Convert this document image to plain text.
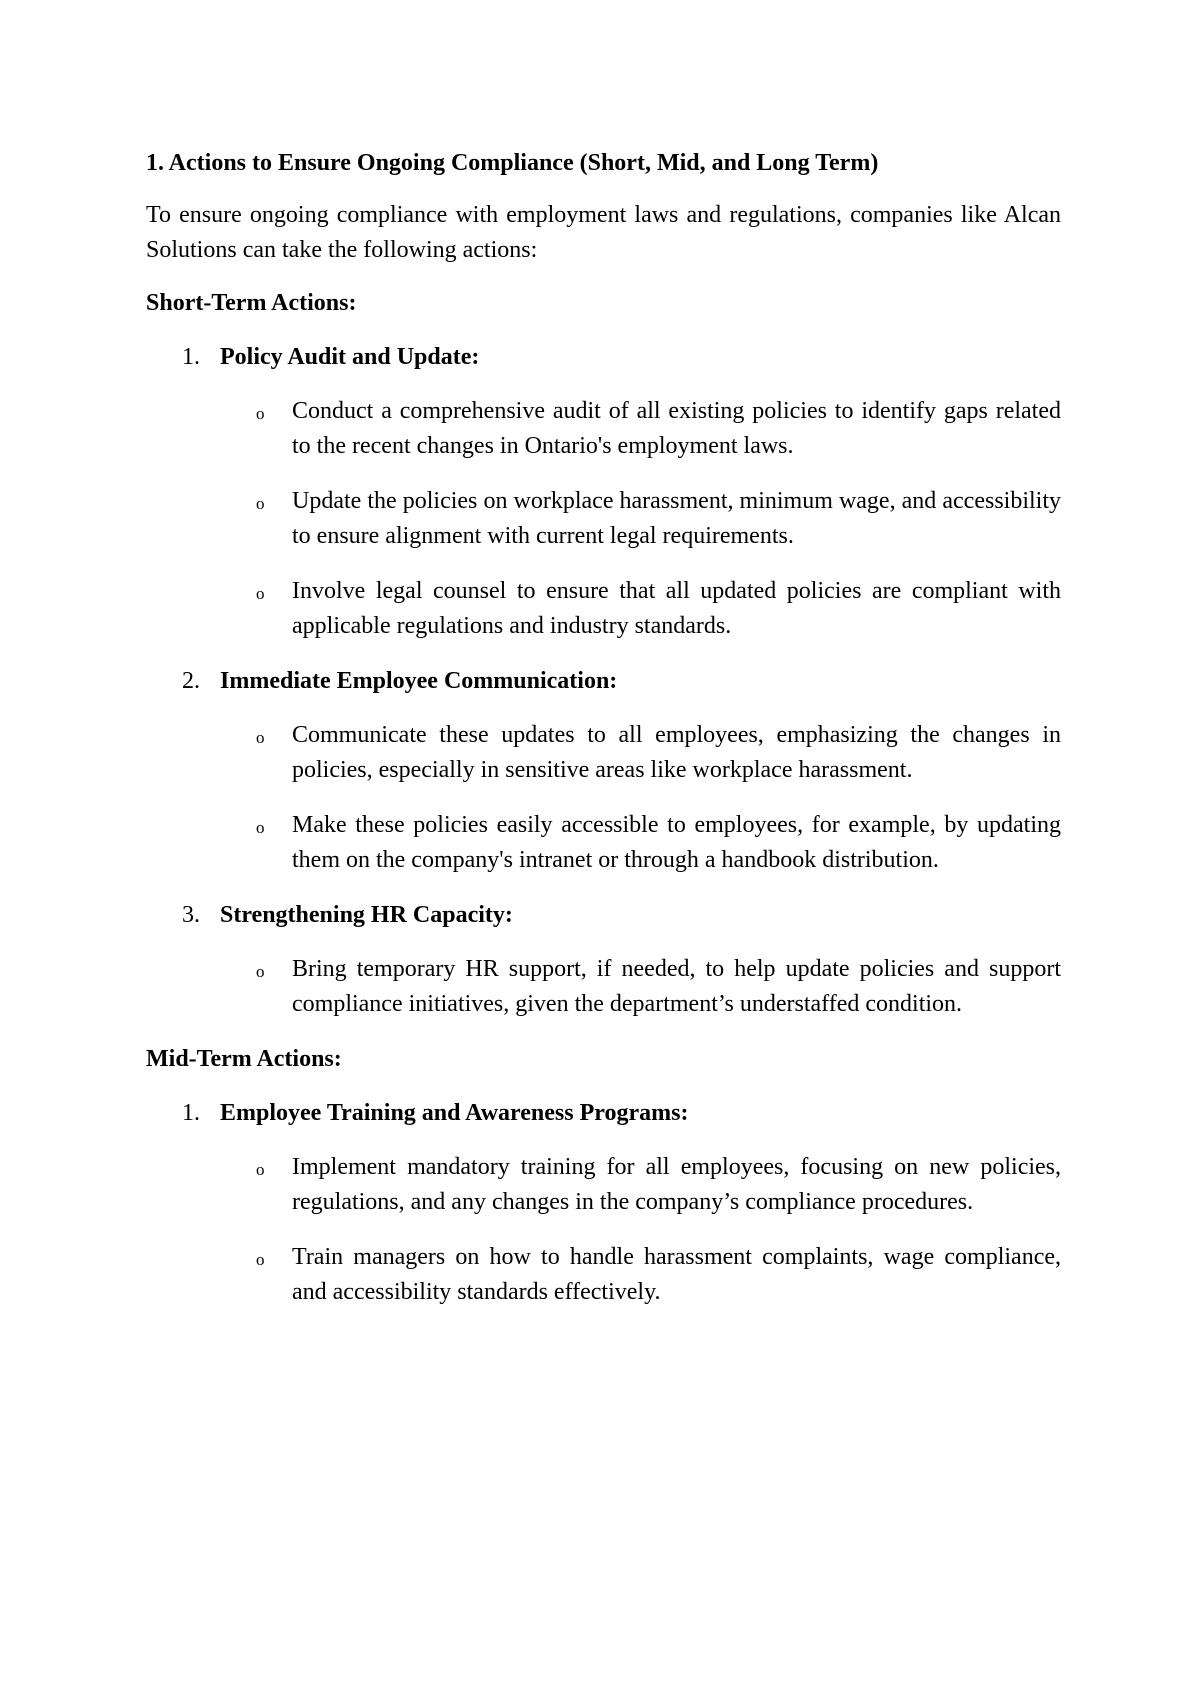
1. Actions to Ensure Ongoing Compliance (Short, Mid, and Long Term)
To ensure ongoing compliance with employment laws and regulations, companies like Alcan Solutions can take the following actions:
Short-Term Actions:
1. Policy Audit and Update:
o Conduct a comprehensive audit of all existing policies to identify gaps related to the recent changes in Ontario's employment laws.
o Update the policies on workplace harassment, minimum wage, and accessibility to ensure alignment with current legal requirements.
o Involve legal counsel to ensure that all updated policies are compliant with applicable regulations and industry standards.
2. Immediate Employee Communication:
o Communicate these updates to all employees, emphasizing the changes in policies, especially in sensitive areas like workplace harassment.
o Make these policies easily accessible to employees, for example, by updating them on the company's intranet or through a handbook distribution.
3. Strengthening HR Capacity:
o Bring temporary HR support, if needed, to help update policies and support compliance initiatives, given the department’s understaffed condition.
Mid-Term Actions:
1. Employee Training and Awareness Programs:
o Implement mandatory training for all employees, focusing on new policies, regulations, and any changes in the company’s compliance procedures.
o Train managers on how to handle harassment complaints, wage compliance, and accessibility standards effectively.
